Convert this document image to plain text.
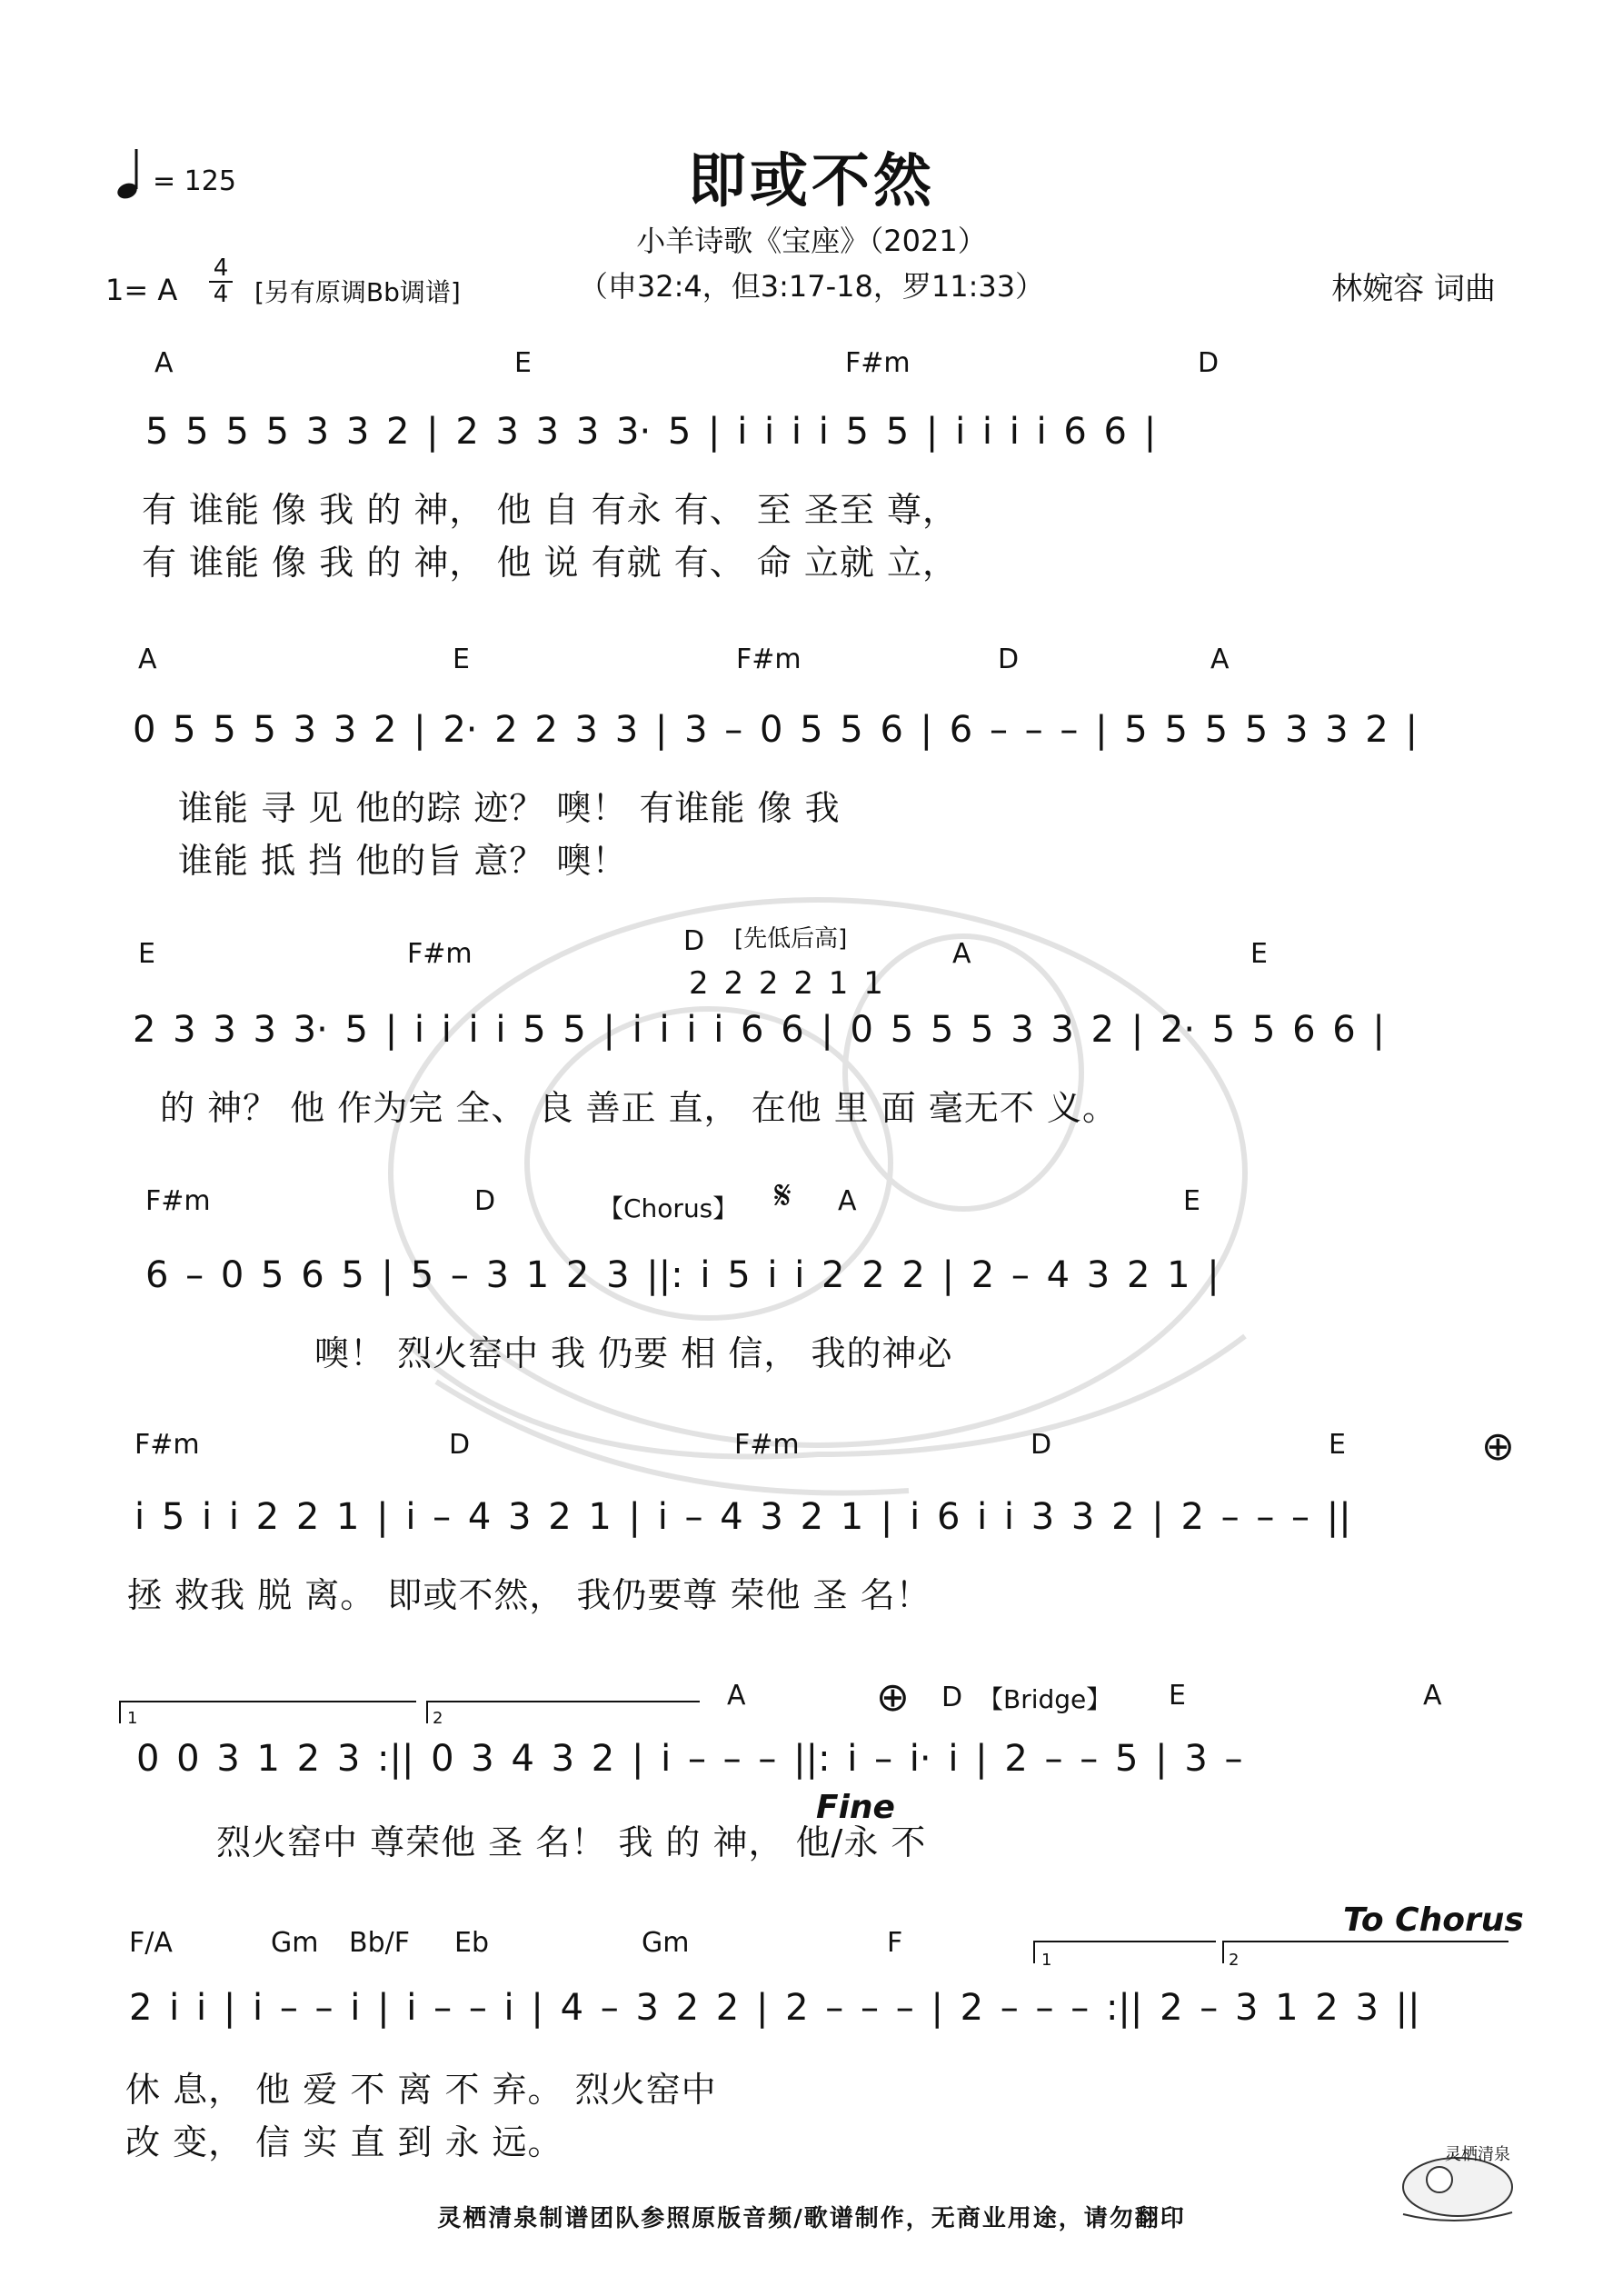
= 125	即或不然
小羊诗歌《宝座》（2021）
1= A
4
4 [另有原调Bb调谱]	（申32:4，但3:17-18，罗11:33）	林婉容 词曲
A	E	F#m	D
5 5 5 5 3 3 2 | 2 3 3 3 3· 5 | i i i i 5 5 | i i i i 6 6 |
有 谁能 像 我 的 神， 他 自 有永 有、 至 圣至 尊，
有 谁能 像 我 的 神， 他 说 有就 有、 命 立就 立，
A	E	F#m	D	A
0 5 5 5 3 3 2 | 2· 2 2 3 3 | 3 – 0 5 5 6 | 6 – – – | 5 5 5 5 3 3 2 |
谁能 寻 见 他的踪 迹？ 噢！ 有谁能 像 我
谁能 抵 挡 他的旨 意？ 噢！
E	F#m	D [先低后高]	A	E
2 2 2 2 1 1
2 3 3 3 3· 5 | i i i i 5 5 | i i i i 6 6 | 0 5 5 5 3 3 2 | 2· 5 5 6 6 |
的 神？ 他 作为完 全、 良 善正 直， 在他 里 面 毫无不 义。
F#m	D	【Chorus】 𝄋 A	E
6 – 0 5 6 5 | 5 – 3 1 2 3 ||: i 5 i i 2 2 2 | 2 – 4 3 2 1 |
噢！ 烈火窑中 我 仍要 相 信， 我的神必
F#m	D	F#m	D	E	⊕
i 5 i i 2 2 1 | i – 4 3 2 1 | i – 4 3 2 1 | i 6 i i 3 3 2 | 2 – – – ||
拯 救我 脱 离。 即或不然， 我仍要尊 荣他 圣 名！
1	2
A	⊕ D 【Bridge】 E	A
0 0 3 1 2 3 :|| 0 3 4 3 2 | i – – – ||: i – i· i | 2 – – 5 | 3 –
Fine
烈火窑中 尊荣他 圣 名！ 我 的 神， 他/永 不
To Chorus
F/A	Gm Bb/F Eb	Gm	F
1	2
2 i i | i – – i | i – – i | 4 – 3 2 2 | 2 – – – | 2 – – – :|| 2 – 3 1 2 3 ||
休 息， 他 爱 不 离 不 弃。 烈火窑中
改 变， 信 实 直 到 永 远。	灵栖清泉
灵栖清泉制谱团队参照原版音频/歌谱制作，无商业用途，请勿翻印
